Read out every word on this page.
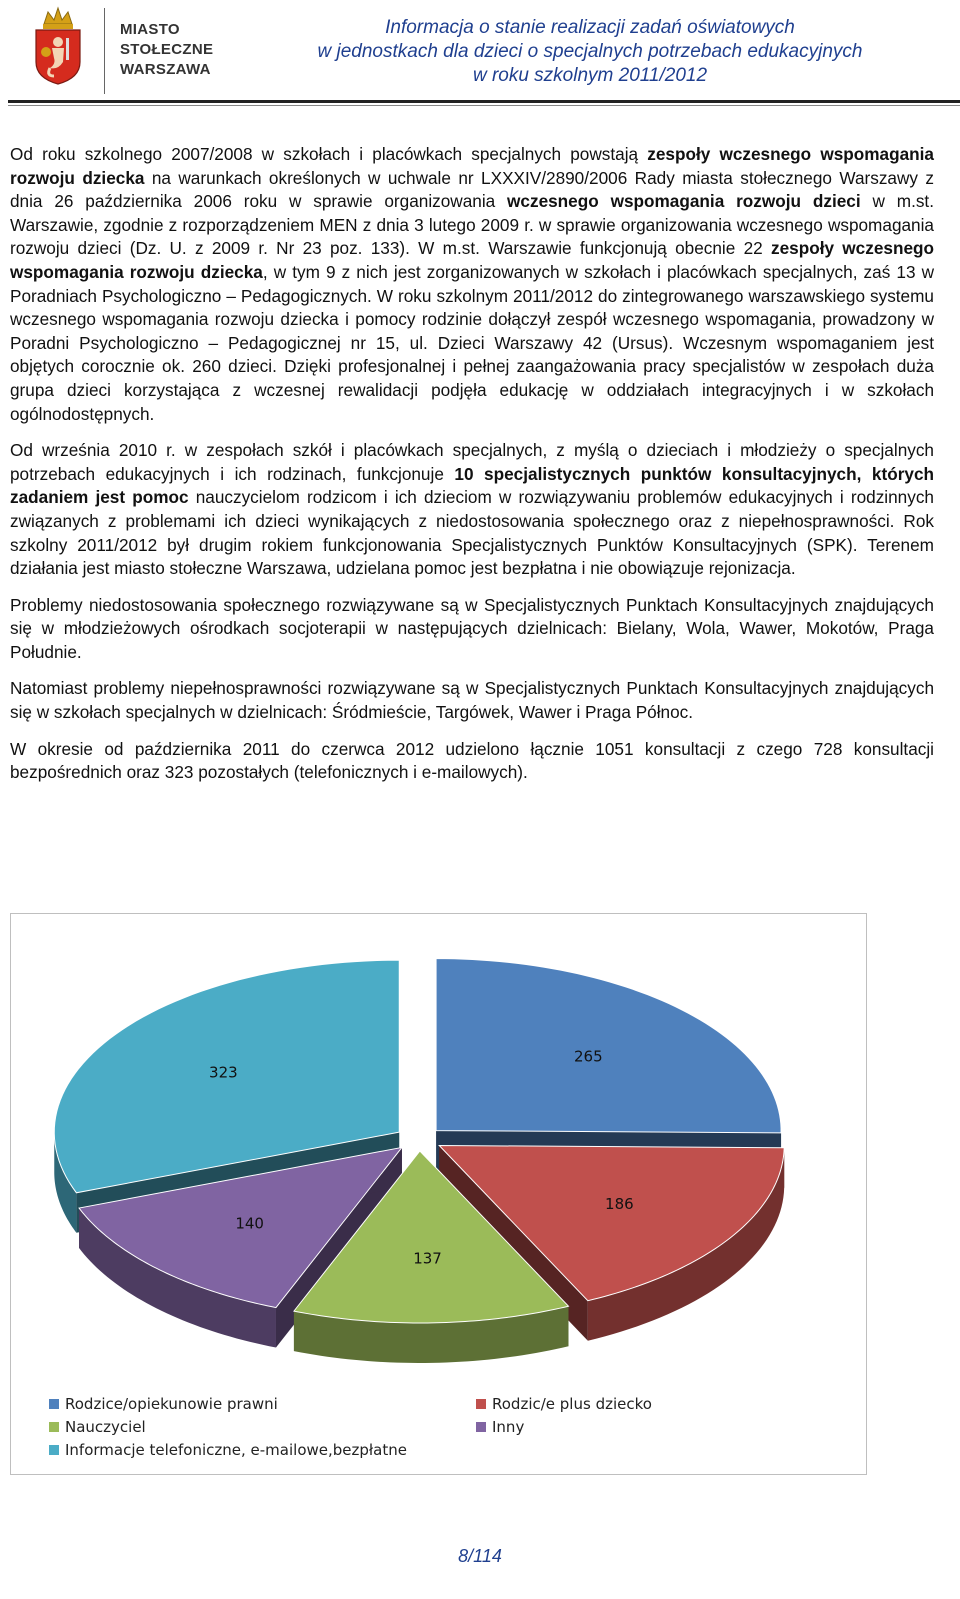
MIASTO
STOŁECZNE
WARSZAWA
Informacja o stanie realizacji zadań oświatowych
w jednostkach dla dzieci o specjalnych potrzebach edukacyjnych
w roku szkolnym 2011/2012

Od roku szkolnego 2007/2008 w szkołach i placówkach specjalnych powstają zespoły wczesnego wspomagania rozwoju dziecka na warunkach określonych w uchwale nr LXXXIV/2890/2006 Rady miasta stołecznego Warszawy z dnia 26 października 2006 roku w sprawie organizowania wczesnego wspomagania rozwoju dzieci w m.st. Warszawie, zgodnie z rozporządzeniem MEN z dnia 3 lutego 2009 r. w sprawie organizowania wczesnego wspomagania rozwoju dzieci (Dz. U. z 2009 r. Nr 23 poz. 133). W m.st. Warszawie funkcjonują obecnie 22 zespoły wczesnego wspomagania rozwoju dziecka, w tym 9 z nich jest zorganizowanych w szkołach i placówkach specjalnych, zaś 13 w Poradniach Psychologiczno – Pedagogicznych. W roku szkolnym 2011/2012 do zintegrowanego warszawskiego systemu wczesnego wspomagania rozwoju dziecka i pomocy rodzinie dołączył zespół wczesnego wspomagania, prowadzony w Poradni Psychologiczno – Pedagogicznej nr 15, ul. Dzieci Warszawy 42 (Ursus). Wczesnym wspomaganiem jest objętych corocznie ok. 260 dzieci. Dzięki profesjonalnej i pełnej zaangażowania pracy specjalistów w zespołach duża grupa dzieci korzystająca z wczesnej rewalidacji podjęła edukację w oddziałach integracyjnych i w szkołach ogólnodostępnych.

Od września 2010 r. w zespołach szkół i placówkach specjalnych, z myślą o dzieciach i młodzieży o specjalnych potrzebach edukacyjnych i ich rodzinach, funkcjonuje 10 specjalistycznych punktów konsultacyjnych, których zadaniem jest pomoc nauczycielom rodzicom i ich dzieciom w rozwiązywaniu problemów edukacyjnych i rodzinnych związanych z problemami ich dzieci wynikających z niedostosowania społecznego oraz z niepełnosprawności. Rok szkolny 2011/2012 był drugim rokiem funkcjonowania Specjalistycznych Punktów Konsultacyjnych (SPK). Terenem działania jest miasto stołeczne Warszawa, udzielana pomoc jest bezpłatna i nie obowiązuje rejonizacja.

Problemy niedostosowania społecznego rozwiązywane są w Specjalistycznych Punktach Konsultacyjnych znajdujących się w młodzieżowych ośrodkach socjoterapii w następujących dzielnicach: Bielany, Wola, Wawer, Mokotów, Praga Południe.

Natomiast problemy niepełnosprawności rozwiązywane są w Specjalistycznych Punktach Konsultacyjnych znajdujących się w szkołach specjalnych w dzielnicach: Śródmieście, Targówek, Wawer i Praga Północ.

W okresie od października 2011 do czerwca 2012 udzielono łącznie 1051 konsultacji z czego 728 konsultacji bezpośrednich oraz 323 pozostałych (telefonicznych i e-mailowych).

265
186
137
140
323
Rodzice/opiekunowie prawni	Rodzic/e plus dziecko
Nauczyciel	Inny
Informacje telefoniczne, e-mailowe,bezpłatne
8/114
